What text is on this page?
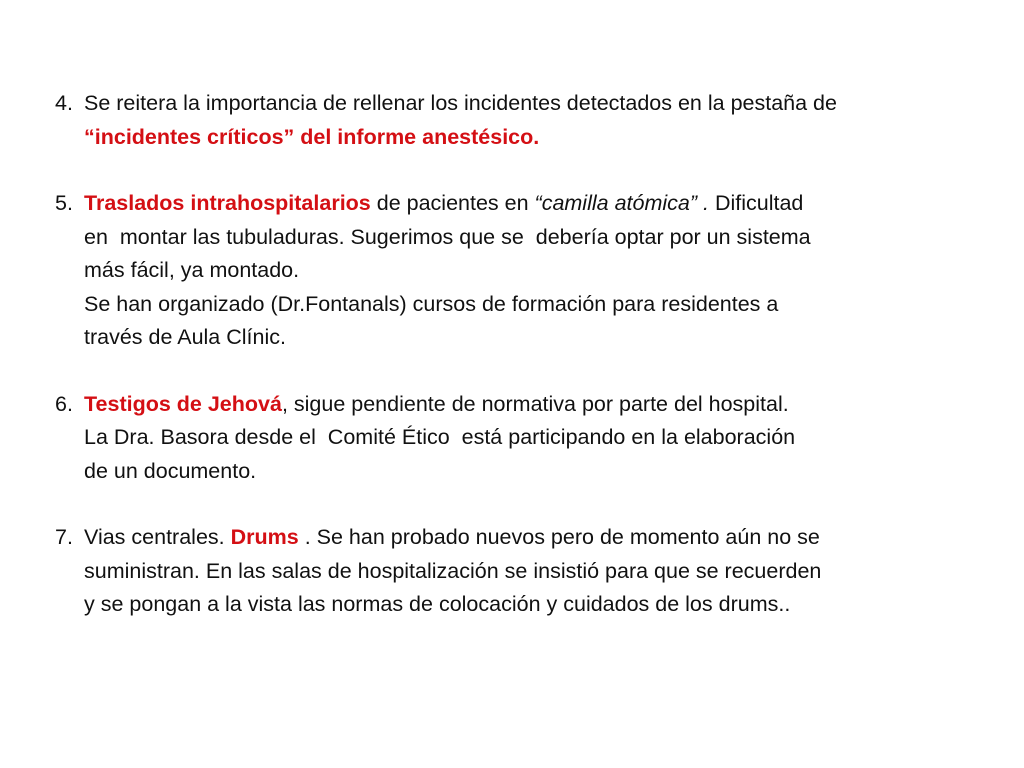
4. Se reitera la importancia de rellenar los incidentes detectados en la pestaña de
“incidentes críticos” del informe anestésico.
5. Traslados intrahospitalarios de pacientes en “camilla atómica” . Dificultad
en  montar las tubuladuras. Sugerimos que se  debería optar por un sistema
más fácil, ya montado.
Se han organizado (Dr.Fontanals) cursos de formación para residentes a
través de Aula Clínic.
6. Testigos de Jehová, sigue pendiente de normativa por parte del hospital.
La Dra. Basora desde el  Comité Ético  está participando en la elaboración
de un documento.
7. Vias centrales. Drums . Se han probado nuevos pero de momento aún no se
suministran. En las salas de hospitalización se insistió para que se recuerden
y se pongan a la vista las normas de colocación y cuidados de los drums..
